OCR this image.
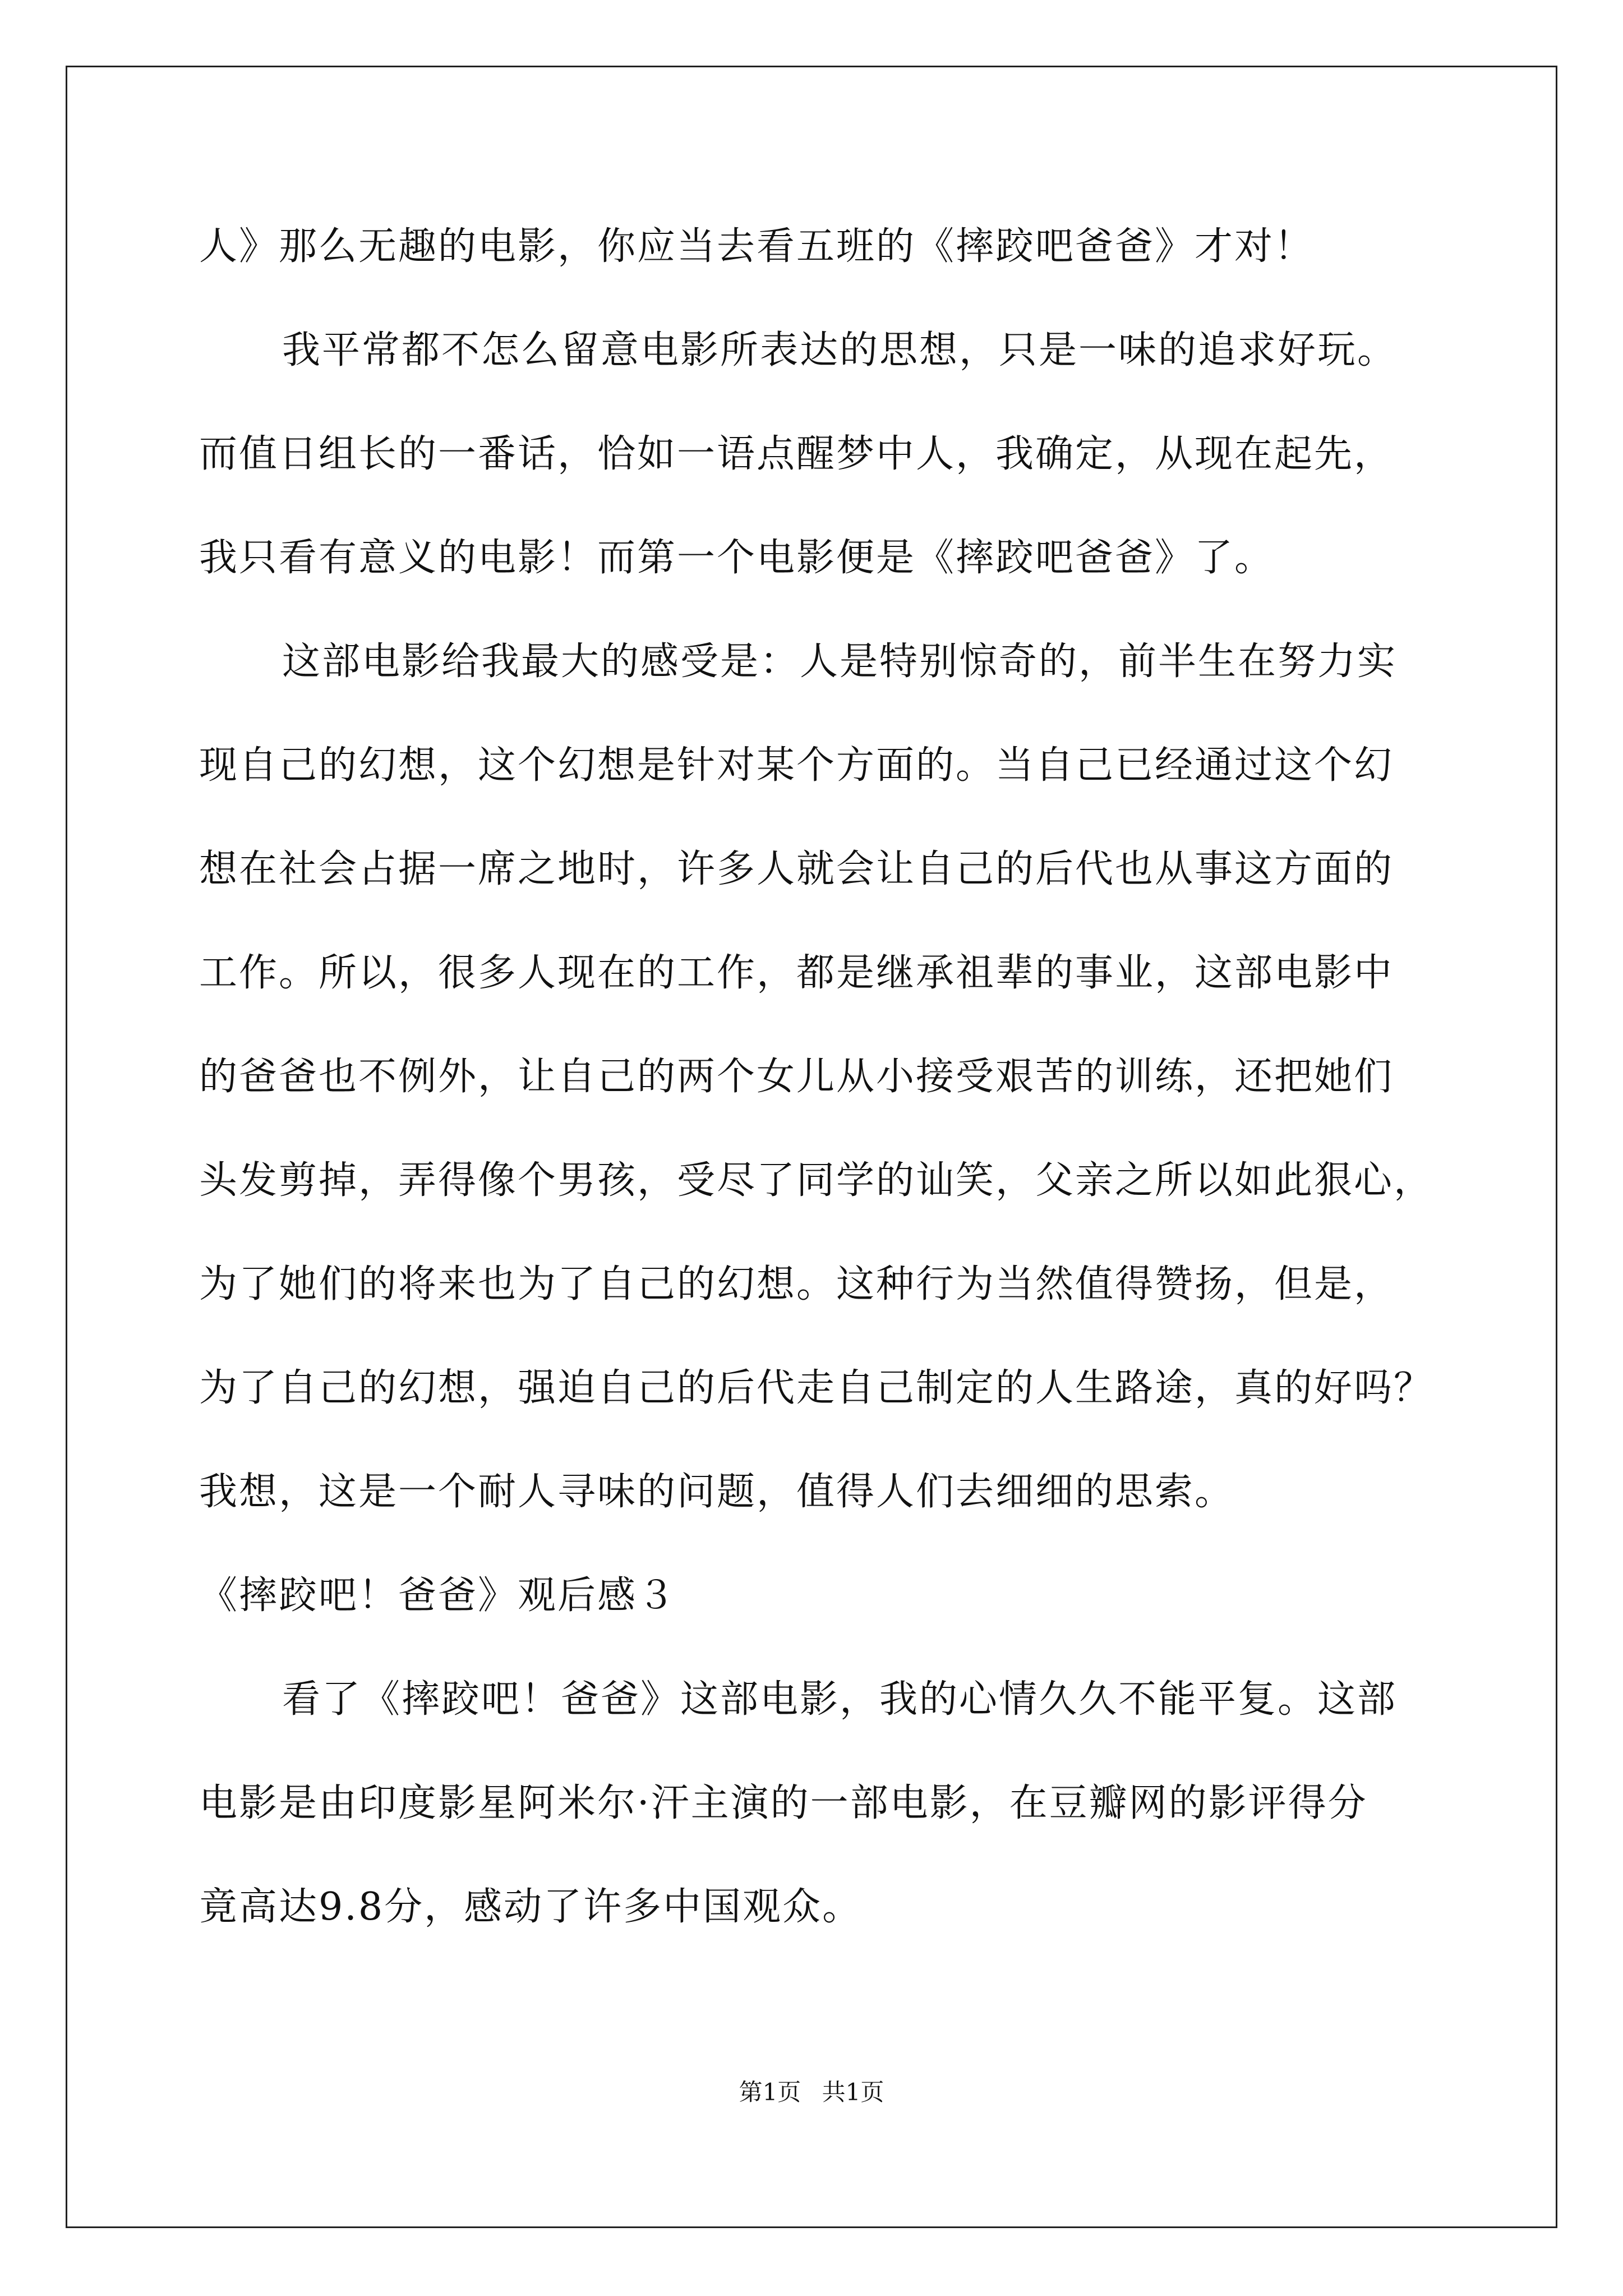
人》那么无趣的电影，你应当去看五班的《摔跤吧爸爸》才对！
我平常都不怎么留意电影所表达的思想，只是一味的追求好玩。
而值日组长的一番话，恰如一语点醒梦中人，我确定，从现在起先，
我只看有意义的电影！而第一个电影便是《摔跤吧爸爸》了。
这部电影给我最大的感受是：人是特别惊奇的，前半生在努力实
现自己的幻想，这个幻想是针对某个方面的。当自己已经通过这个幻
想在社会占据一席之地时，许多人就会让自己的后代也从事这方面的
工作。所以，很多人现在的工作，都是继承祖辈的事业，这部电影中
的爸爸也不例外，让自己的两个女儿从小接受艰苦的训练，还把她们
头发剪掉，弄得像个男孩，受尽了同学的讪笑，父亲之所以如此狠心，
为了她们的将来也为了自己的幻想。这种行为当然值得赞扬，但是，
为了自己的幻想，强迫自己的后代走自己制定的人生路途，真的好吗？
我想，这是一个耐人寻味的问题，值得人们去细细的思索。
《摔跤吧！爸爸》观后感３
看了《摔跤吧！爸爸》这部电影，我的心情久久不能平复。这部
电影是由印度影星阿米尔·汗主演的一部电影，在豆瓣网的影评得分
竟高达9.8分，感动了许多中国观众。
第1页 共1页
